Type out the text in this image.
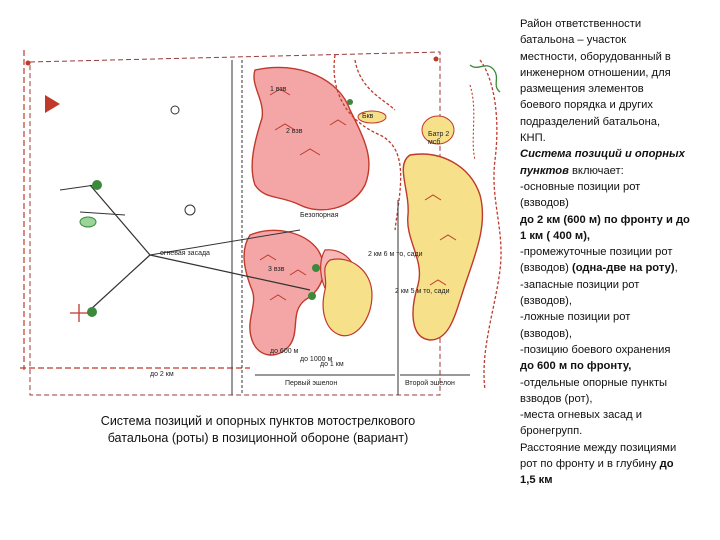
1 взв
2 взв
3 взв
Бкв
Батр 2 мсб
огневая засада	2 км 6 м то, сади
2 км 5 м то, сади
Безопорная
до 2 км
до 1 км
Первый эшелон	Второй эшелон
до 1000 м
до 600 м
Система позиций и опорных пунктов мотострелкового
батальона (роты) в позиционной обороне (вариант)
Район ответственности
батальона – участок
местности, оборудованный в
инженерном отношении, для
размещения элементов
боевого порядка и других
подразделений батальона,
КНП.
Система позиций и опорных
пунктов включает:
-основные позиции рот
(взводов)
до 2 км (600 м) по фронту и до
1 км ( 400 м),
-промежуточные позиции рот
(взводов) (одна-две на роту),
-запасные позиции рот
(взводов),
-ложные позиции рот
(взводов),
-позицию боевого охранения
до 600 м по фронту,
-отдельные опорные пункты
взводов (рот),
-места огневых засад и
бронегрупп.
Расстояние между позициями
рот по фронту и в глубину до
1,5 км
